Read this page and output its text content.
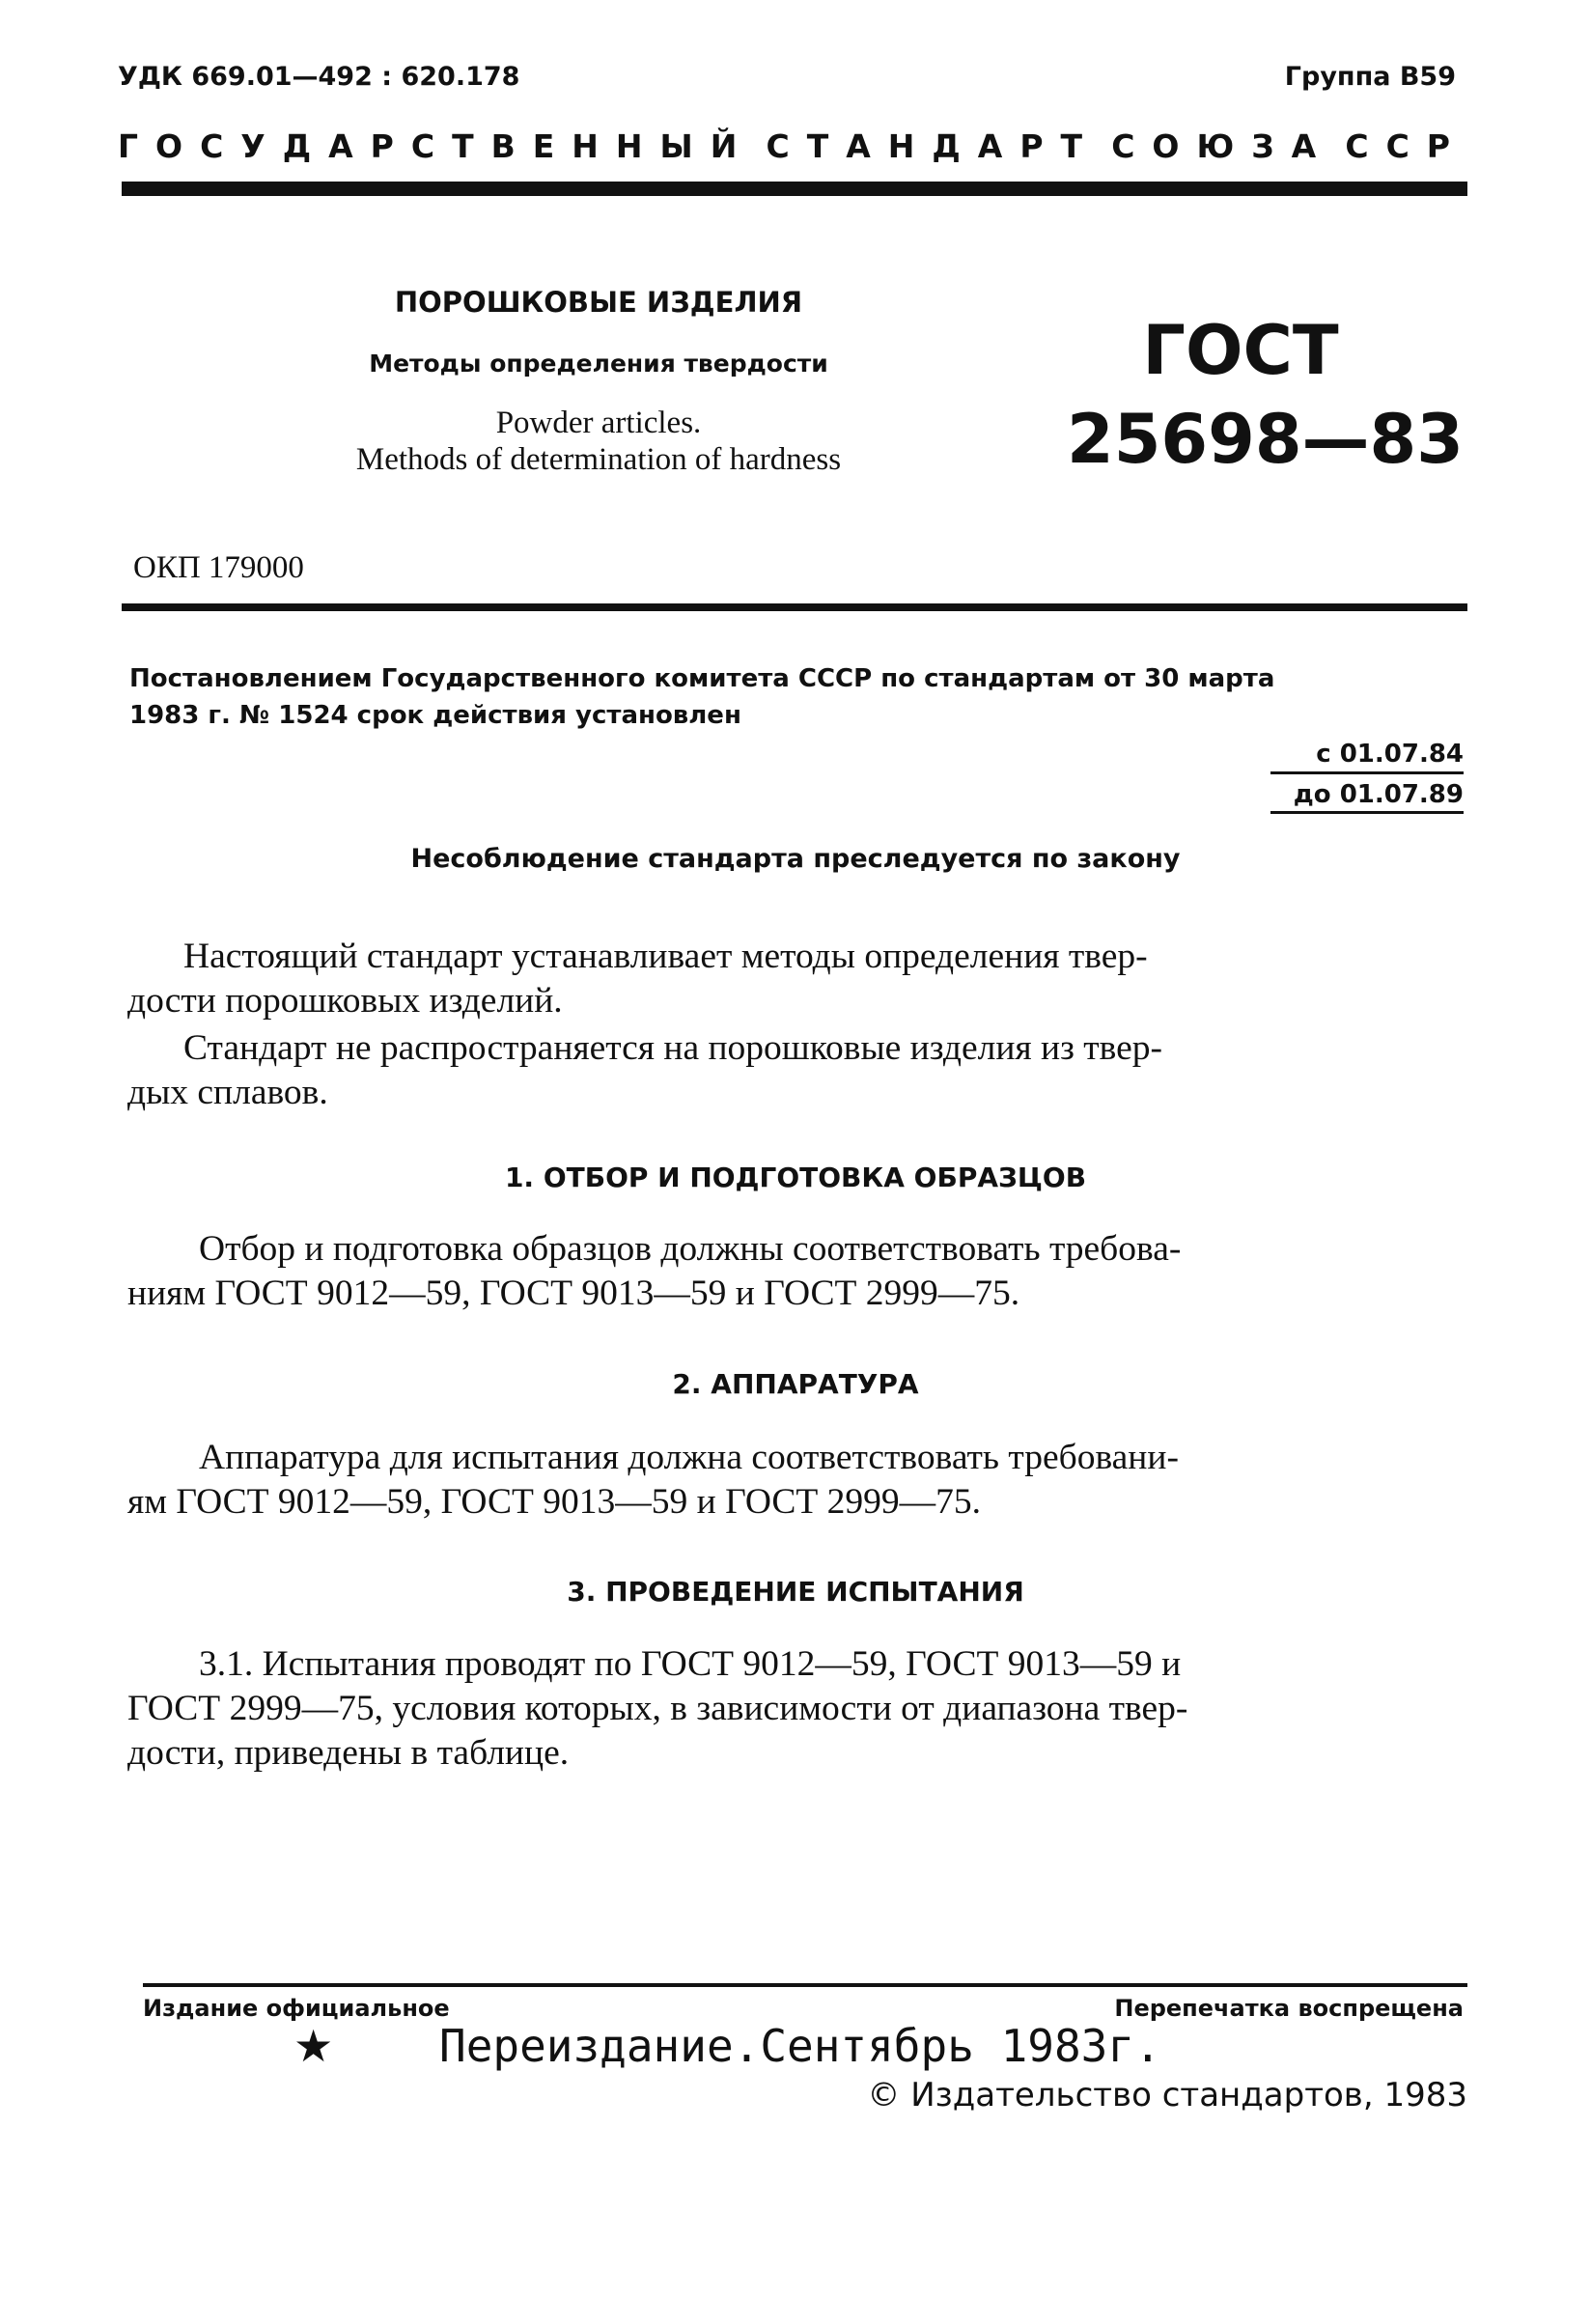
УДК 669.01—492 : 620.178	Группа В59
ГОСУДАРСТВЕННЫЙ СТАНДАРТ СОЮЗА ССР
ПОРОШКОВЫЕ ИЗДЕЛИЯ
Методы определения твердости
Powder articles.
Methods of determination of hardness
ГОСТ
25698—83
ОКП 179000
Постановлением Государственного комитета СССР по стандартам от 30 марта
1983 г. № 1524 срок действия установлен
с 01.07.84
до 01.07.89
Несоблюдение стандарта преследуется по закону
Настоящий стандарт устанавливает методы определения твер-
дости порошковых изделий.
Стандарт не распространяется на порошковые изделия из твер-
дых сплавов.
1. ОТБОР И ПОДГОТОВКА ОБРАЗЦОВ
Отбор и подготовка образцов должны соответствовать требова-
ниям ГОСТ 9012—59, ГОСТ 9013—59 и ГОСТ 2999—75.
2. АППАРАТУРА
Аппаратура для испытания должна соответствовать требовани-
ям ГОСТ 9012—59, ГОСТ 9013—59 и ГОСТ 2999—75.
3. ПРОВЕДЕНИЕ ИСПЫТАНИЯ
3.1. Испытания проводят по ГОСТ 9012—59, ГОСТ 9013—59 и
ГОСТ 2999—75, условия которых, в зависимости от диапазона твер-
дости, приведены в таблице.
Издание официальное	Перепечатка воспрещена
★ Переиздание.Сентябрь 1983г.
© Издательство стандартов, 1983
